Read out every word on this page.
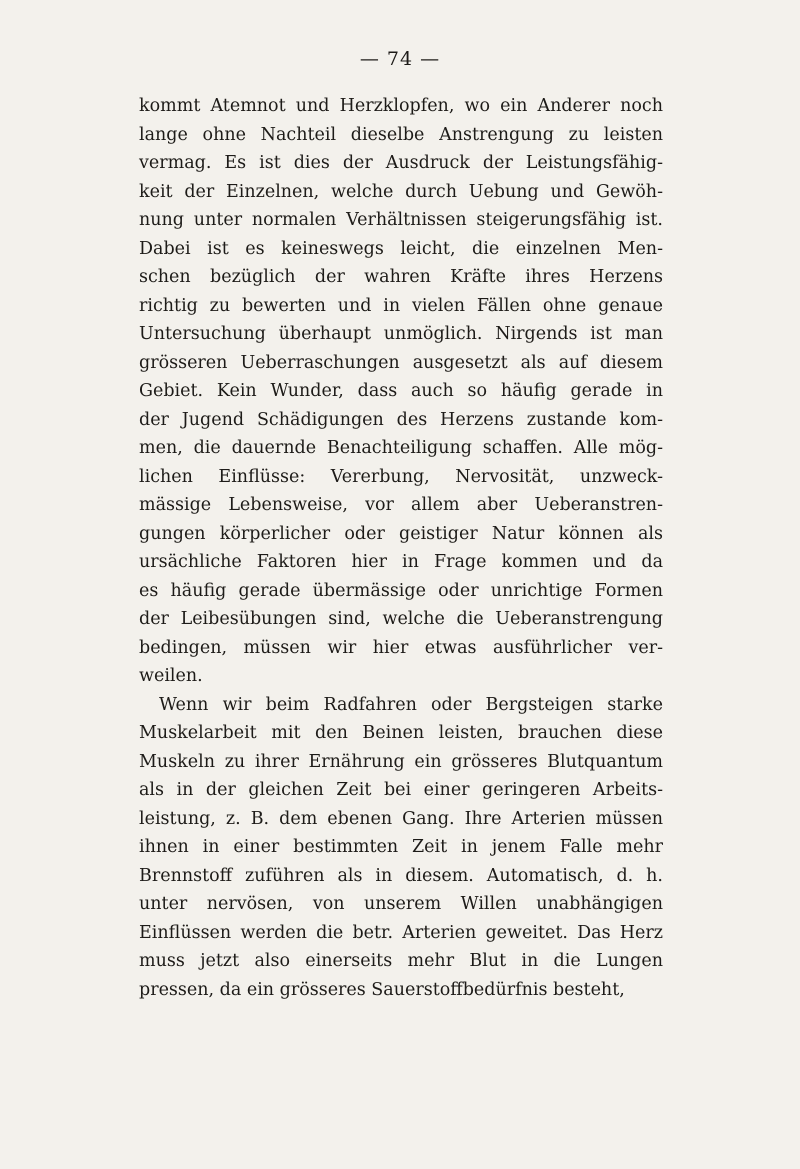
— 74 —
kommt Atemnot und Herzklopfen, wo ein Anderer noch
lange ohne Nachteil dieselbe Anstrengung zu leisten
vermag. Es ist dies der Ausdruck der Leistungsfähig-
keit der Einzelnen, welche durch Uebung und Gewöh-
nung unter normalen Verhältnissen steigerungsfähig ist.
Dabei ist es keineswegs leicht, die einzelnen Men-
schen bezüglich der wahren Kräfte ihres Herzens
richtig zu bewerten und in vielen Fällen ohne genaue
Untersuchung überhaupt unmöglich. Nirgends ist man
grösseren Ueberraschungen ausgesetzt als auf diesem
Gebiet. Kein Wunder, dass auch so häufig gerade in
der Jugend Schädigungen des Herzens zustande kom-
men, die dauernde Benachteiligung schaffen. Alle mög-
lichen Einflüsse: Vererbung, Nervosität, unzweck-
mässige Lebensweise, vor allem aber Ueberanstren-
gungen körperlicher oder geistiger Natur können als
ursächliche Faktoren hier in Frage kommen und da
es häufig gerade übermässige oder unrichtige Formen
der Leibesübungen sind, welche die Ueberanstrengung
bedingen, müssen wir hier etwas ausführlicher ver-
weilen.
Wenn wir beim Radfahren oder Bergsteigen starke
Muskelarbeit mit den Beinen leisten, brauchen diese
Muskeln zu ihrer Ernährung ein grösseres Blutquantum
als in der gleichen Zeit bei einer geringeren Arbeits-
leistung, z. B. dem ebenen Gang. Ihre Arterien müssen
ihnen in einer bestimmten Zeit in jenem Falle mehr
Brennstoff zuführen als in diesem. Automatisch, d. h.
unter nervösen, von unserem Willen unabhängigen
Einflüssen werden die betr. Arterien geweitet. Das Herz
muss jetzt also einerseits mehr Blut in die Lungen
pressen, da ein grösseres Sauerstoffbedürfnis besteht,
